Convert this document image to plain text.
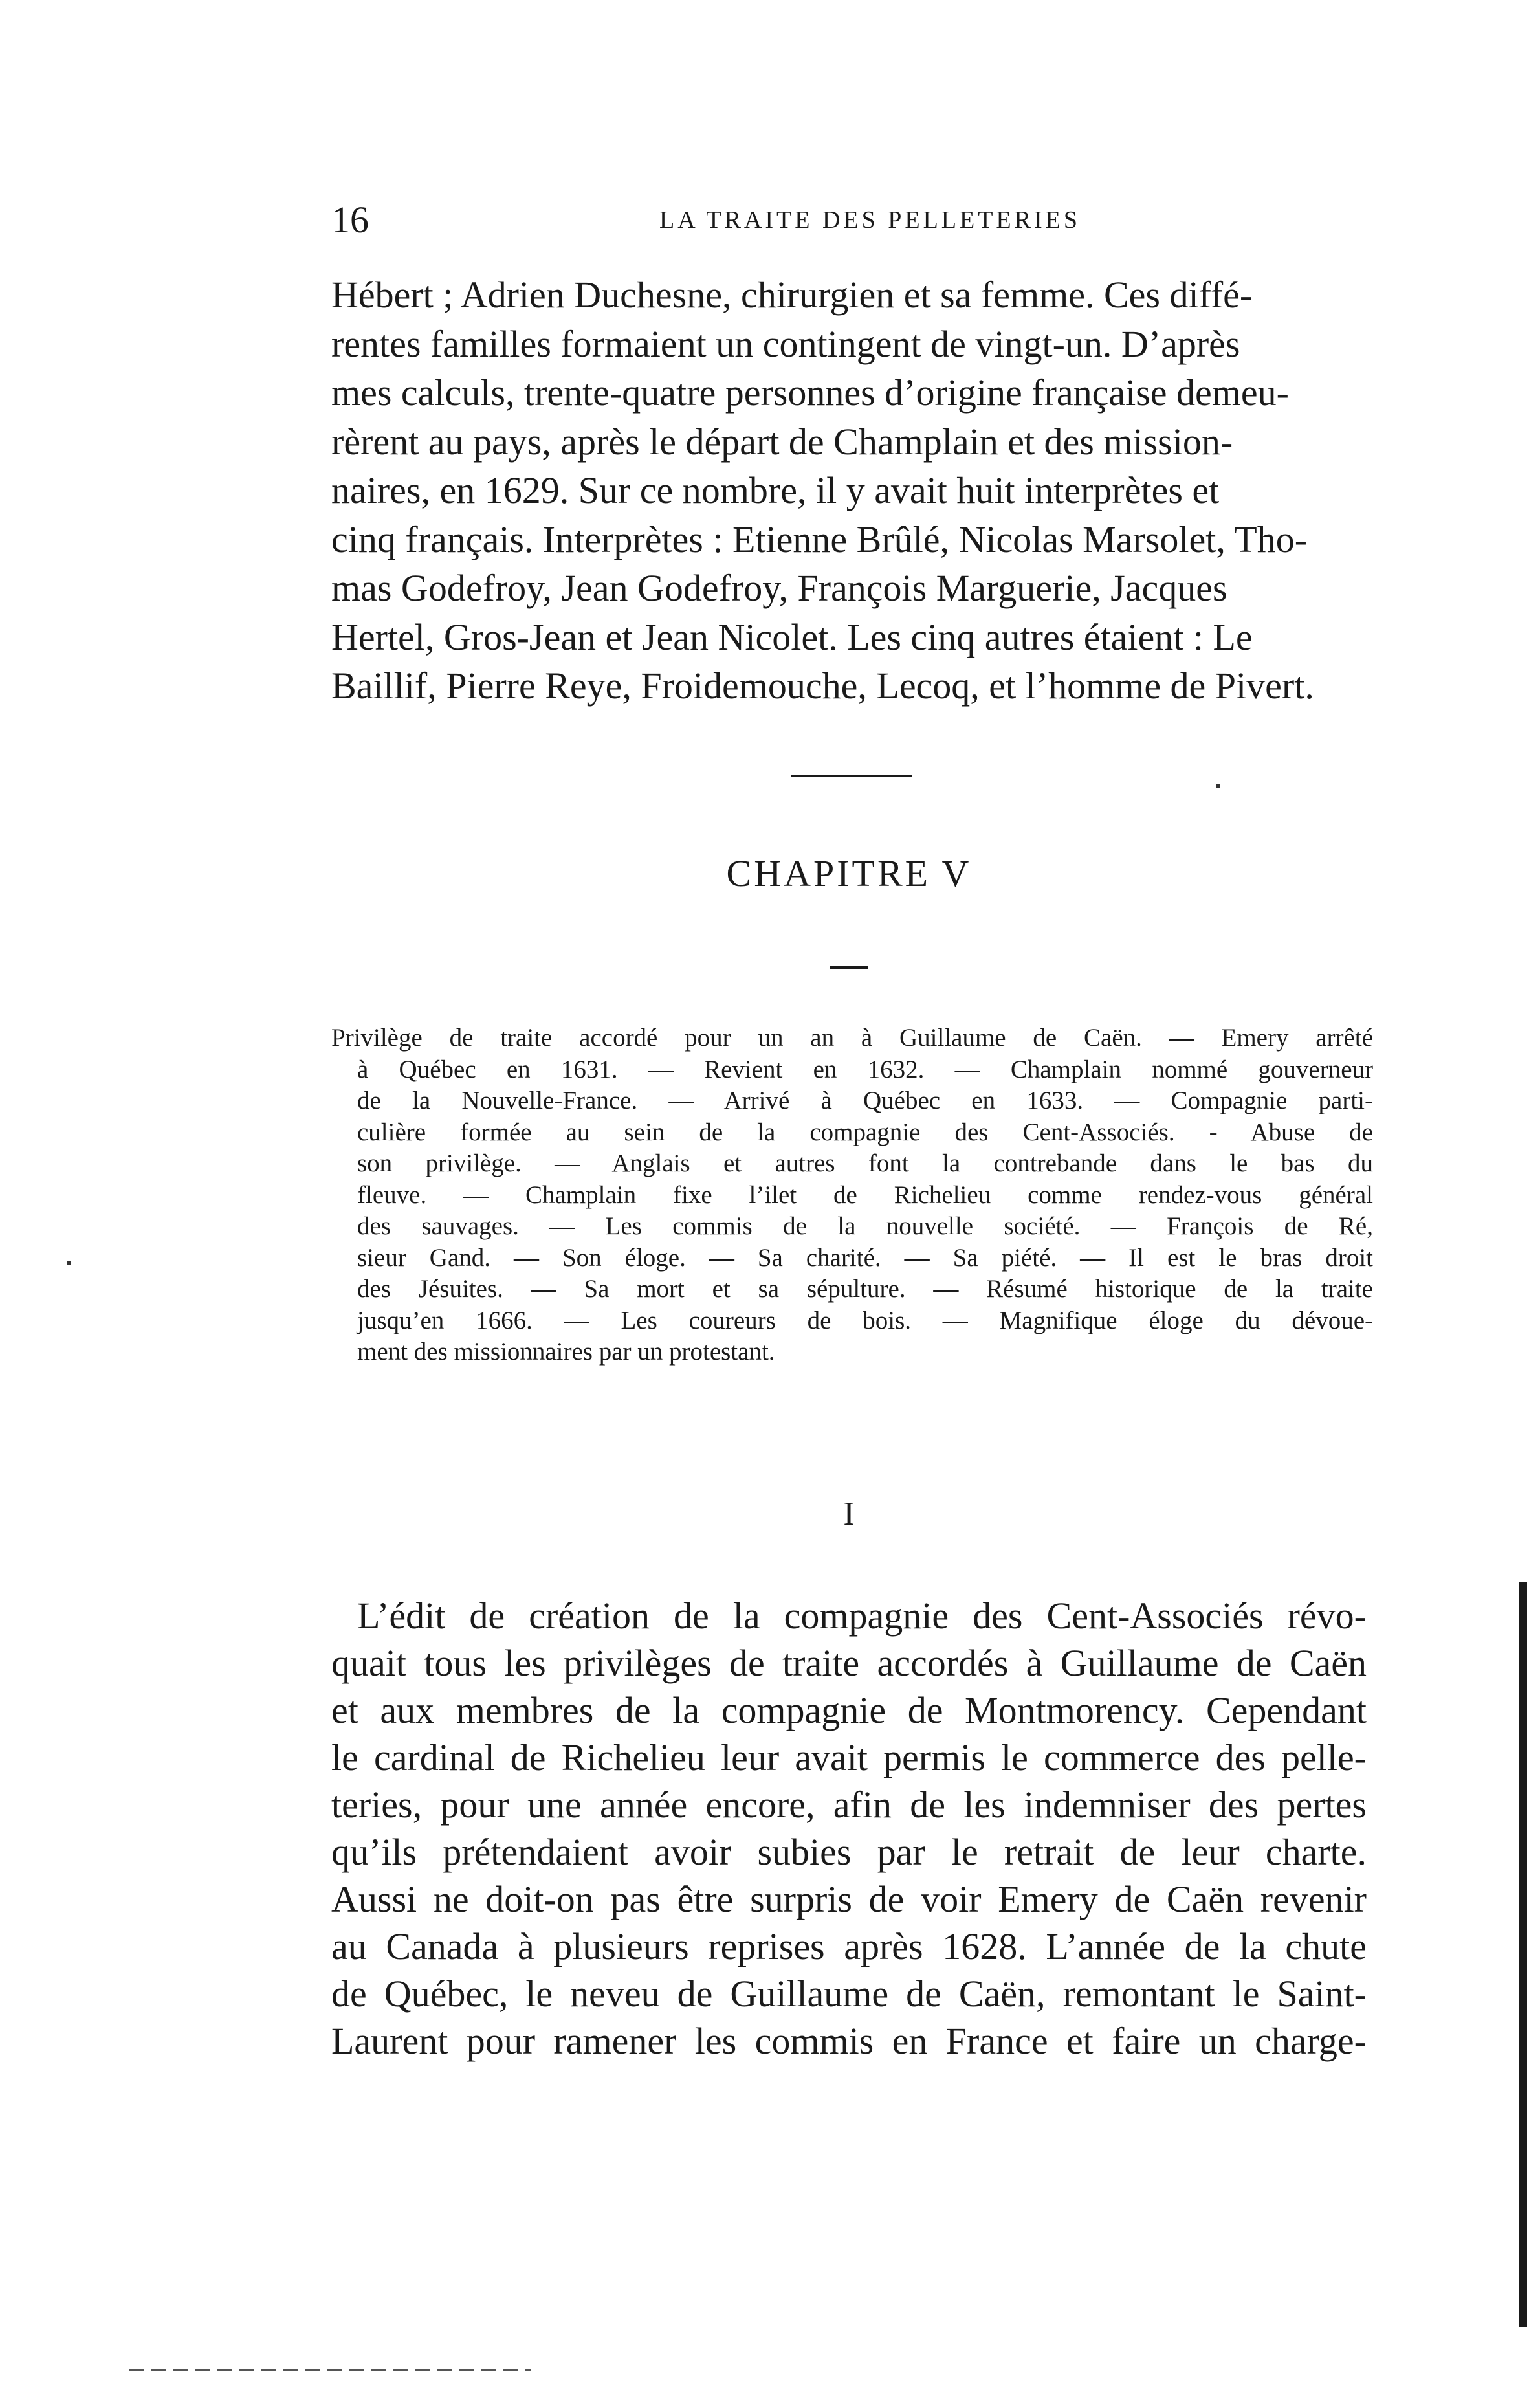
16	LA TRAITE DES PELLETERIES
Hébert ; Adrien Duchesne, chirurgien et sa femme. Ces diffé-
rentes familles formaient un contingent de vingt-un. D’après
mes calculs, trente-quatre personnes d’origine française demeu-
rèrent au pays, après le départ de Champlain et des mission-
naires, en 1629. Sur ce nombre, il y avait huit interprètes et
cinq français. Interprètes : Etienne Brûlé, Nicolas Marsolet, Tho-
mas Godefroy, Jean Godefroy, François Marguerie, Jacques
Hertel, Gros-Jean et Jean Nicolet. Les cinq autres étaient : Le
Baillif, Pierre Reye, Froidemouche, Lecoq, et l’homme de Pivert.
CHAPITRE V
Privilège de traite accordé pour un an à Guillaume de Caën. — Emery arrêté
à Québec en 1631. — Revient en 1632. — Champlain nommé gouverneur
de la Nouvelle-France. — Arrivé à Québec en 1633. — Compagnie parti-
culière formée au sein de la compagnie des Cent-Associés. - Abuse de
son privilège. — Anglais et autres font la contrebande dans le bas du
fleuve. — Champlain fixe l’ilet de Richelieu comme rendez-vous général
des sauvages. — Les commis de la nouvelle société. — François de Ré,
sieur Gand. — Son éloge. — Sa charité. — Sa piété. — Il est le bras droit
des Jésuites. — Sa mort et sa sépulture. — Résumé historique de la traite
jusqu’en 1666. — Les coureurs de bois. — Magnifique éloge du dévoue-
ment des missionnaires par un protestant.
I
L’édit de création de la compagnie des Cent-Associés révo-
quait tous les privilèges de traite accordés à Guillaume de Caën
et aux membres de la compagnie de Montmorency. Cependant
le cardinal de Richelieu leur avait permis le commerce des pelle-
teries, pour une année encore, afin de les indemniser des pertes
qu’ils prétendaient avoir subies par le retrait de leur charte.
Aussi ne doit-on pas être surpris de voir Emery de Caën revenir
au Canada à plusieurs reprises après 1628. L’année de la chute
de Québec, le neveu de Guillaume de Caën, remontant le Saint-
Laurent pour ramener les commis en France et faire un charge-
